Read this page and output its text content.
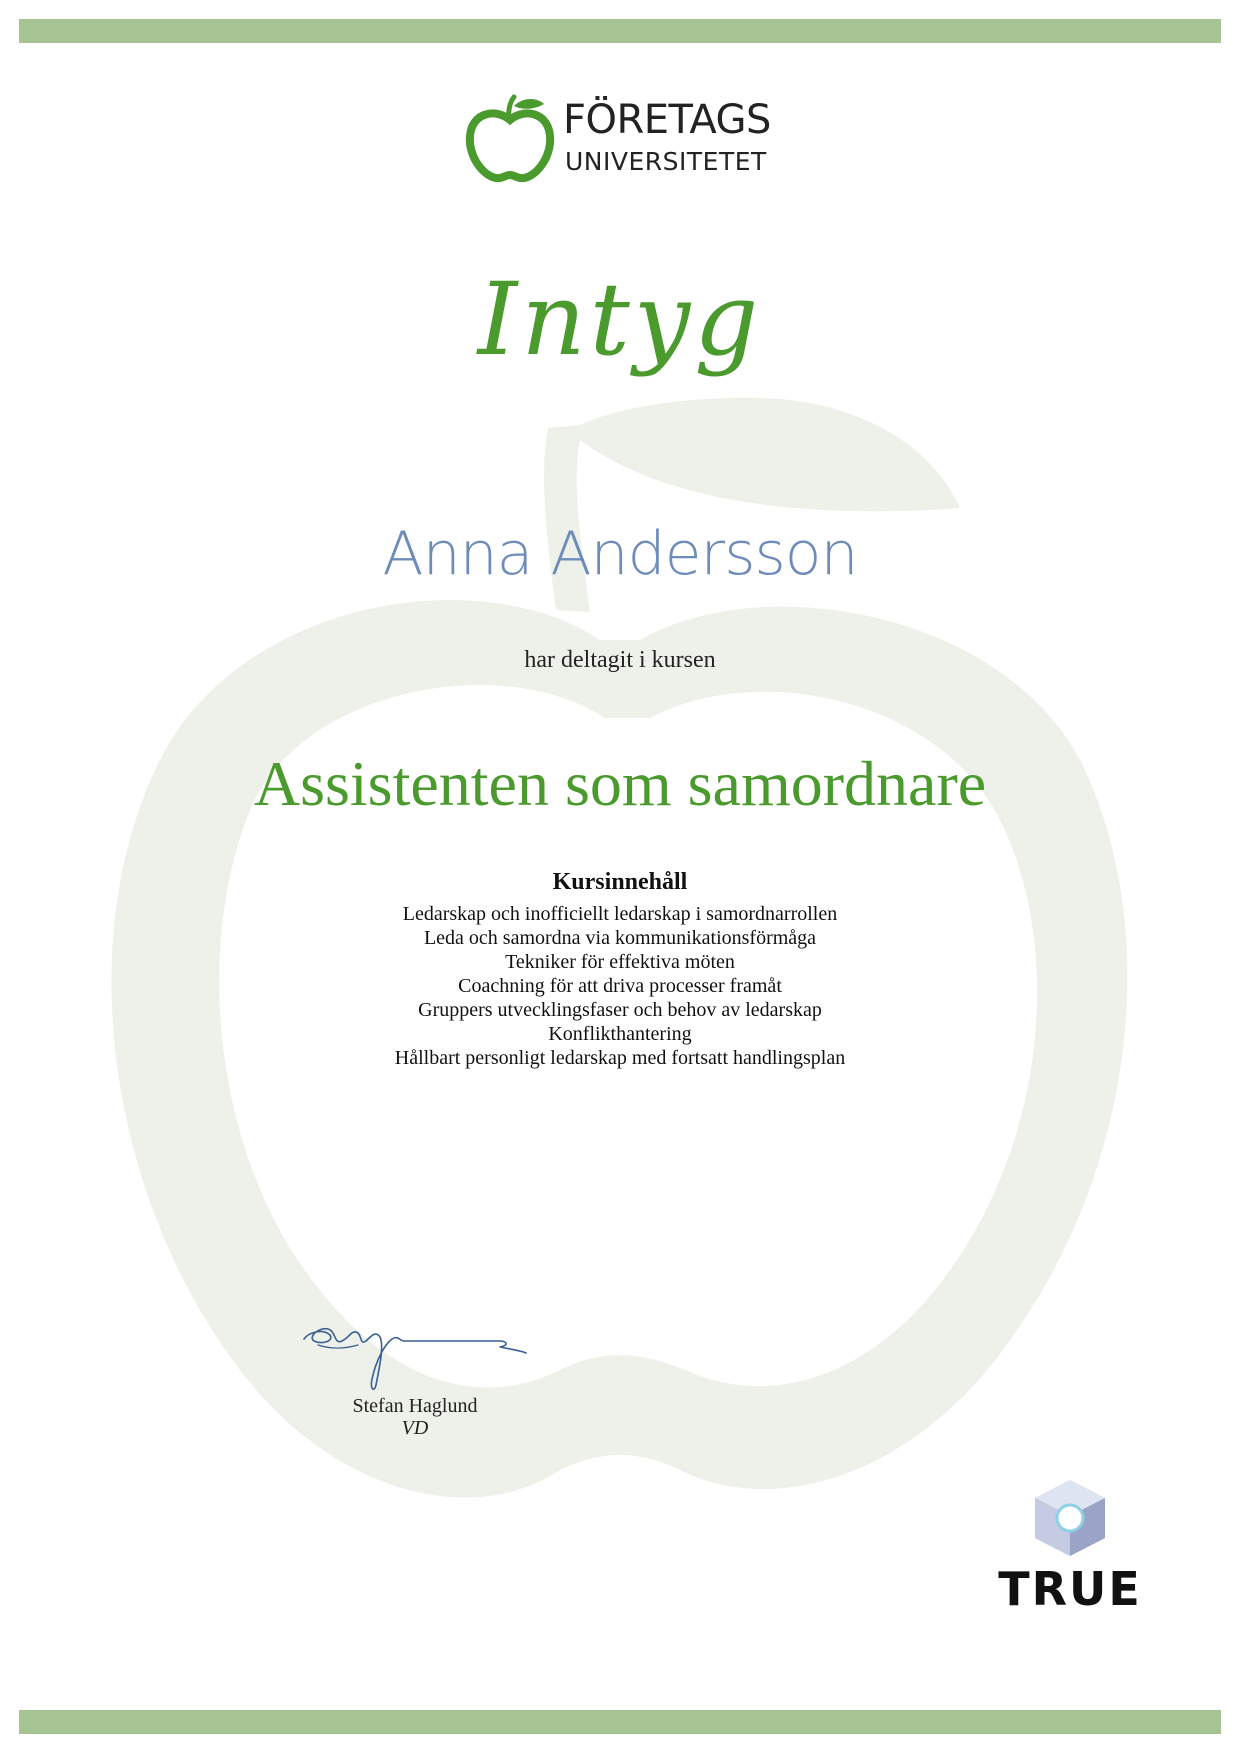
FÖRETAGS
UNIVERSITETET
Intyg
Anna Andersson
har deltagit i kursen
Assistenten som samordnare
Kursinnehåll
Ledarskap och inofficiellt ledarskap i samordnarrollen
Leda och samordna via kommunikationsförmåga
Tekniker för effektiva möten
Coachning för att driva processer framåt
Gruppers utvecklingsfaser och behov av ledarskap
Konflikthantering
Hållbart personligt ledarskap med fortsatt handlingsplan
Stefan Haglund
VD
TRUE
